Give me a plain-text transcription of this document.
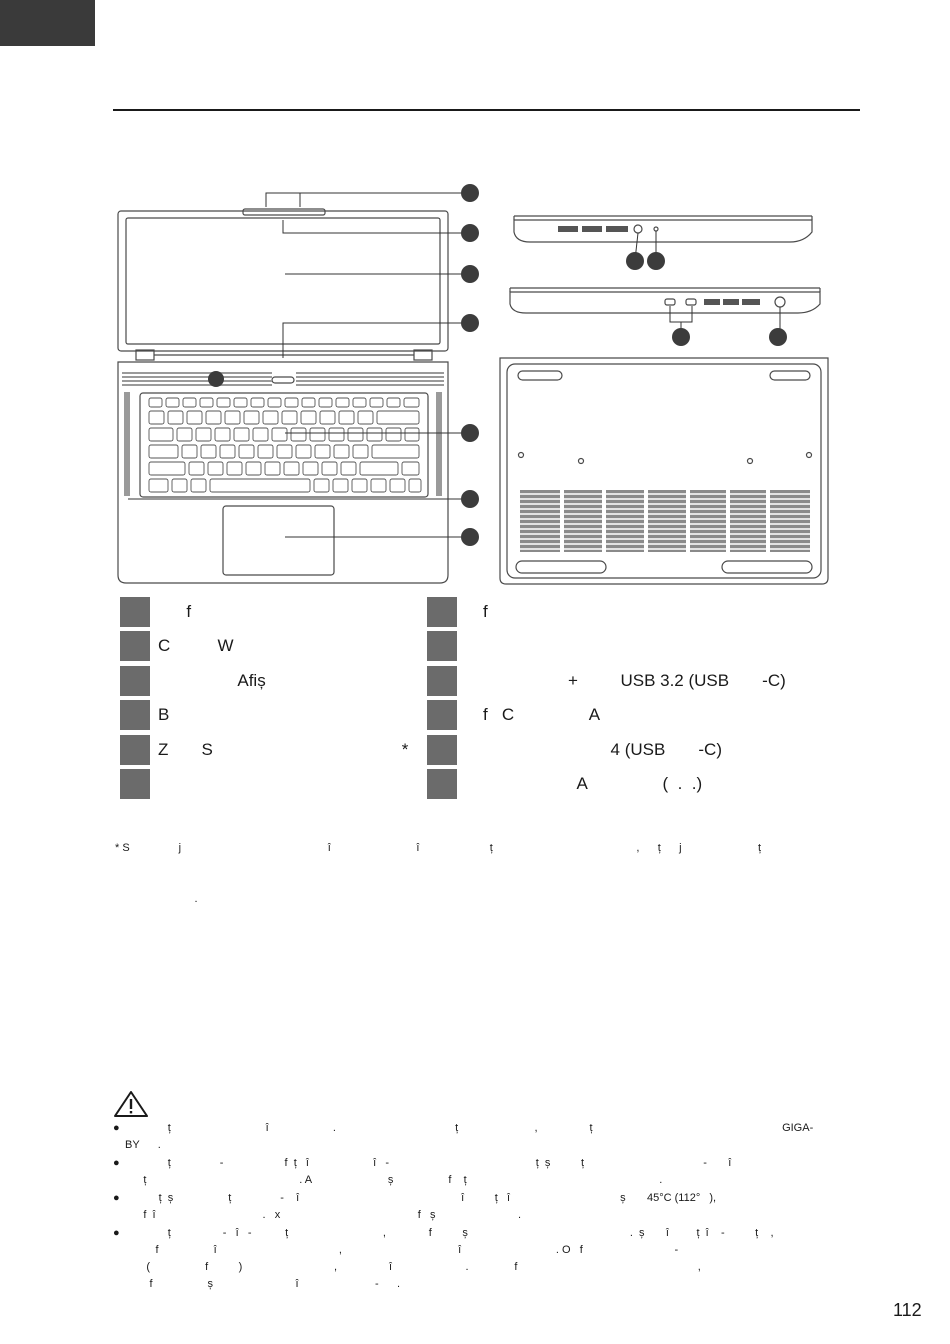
f

C          W

Afiș

B

Z       S                                        *

f

+         USB 3.2 (USB       -C)

f   C                A

4 (USB       -C)

A                (  .  .)

* S                j                                                î                            î                       ț                                               ,      ț      j                         ț

.

● ț                               î                     .                                       ț                         ,                 ț                                                              GIGA-
BY      .
● ț                -                    f  ț   î                     î   -                                                ț  ș          ț                                       -       î
ț                                                  . A                         ș                  f    ț                                                               .
● ț  ș                  ț                -    î                                                     î          ț   î                                    ș       45°C (112°   ),
f  î                                   .   x                                             f   ș                           .
● ț                 -   î   -           ț                               ,              f          ș                                                     .  ș       î         ț  î    -          ț    ,
f                  î                                        ,                                      î                               . O   f                              -
(                  f          )                              ,                 î                        .               f                                                           ,
f                  ș                           î                         -      .
112
